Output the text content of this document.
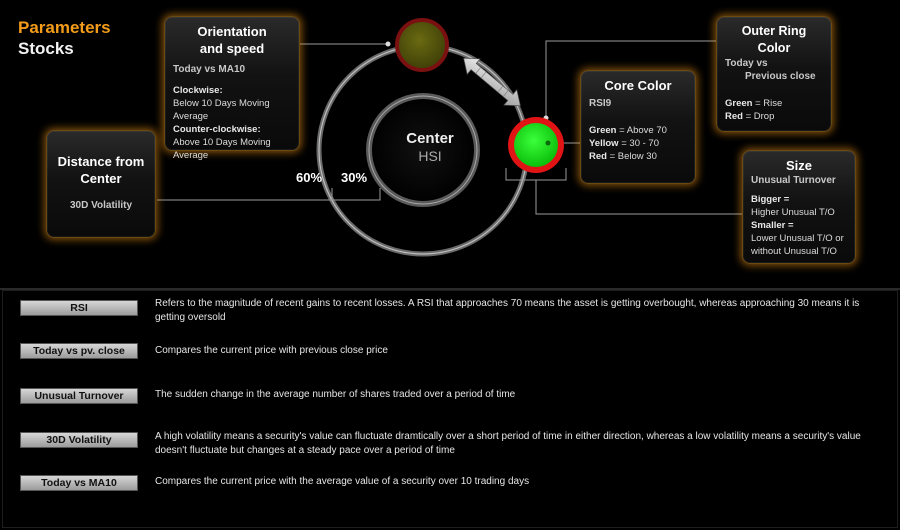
Parameters
Stocks
Center
HSI
60% 30%
Orientation
and speed
Today vs MA10
Clockwise:
Below 10 Days Moving Average
Counter-clockwise:
Above 10 Days Moving Average
Distance from
Center
30D Volatility
Core Color
RSI9
Green = Above 70
Yellow = 30 - 70
Red = Below 30
Outer Ring Color
Today vs
Previous close
Green = Rise
Red = Drop
Size
Unusual Turnover
Bigger =
Higher Unusual T/O
Smaller =
Lower Unusual T/O or
without Unusual T/O
RSI	Refers to the magnitude of recent gains to recent losses. A RSI that approaches 70 means the asset is getting overbought, whereas approaching 30 means it is getting oversold
Today vs pv. close	Compares the current price with previous close price
Unusual Turnover	The sudden change in the average number of shares traded over a period of time
30D Volatility	A high volatility means a security's value can fluctuate dramtically over a short period of time in either direction, whereas a low volatility means a security's value doesn't fluctuate but changes at a steady pace over a period of time
Today vs MA10	Compares the current price with the average value of a security over 10 trading days
